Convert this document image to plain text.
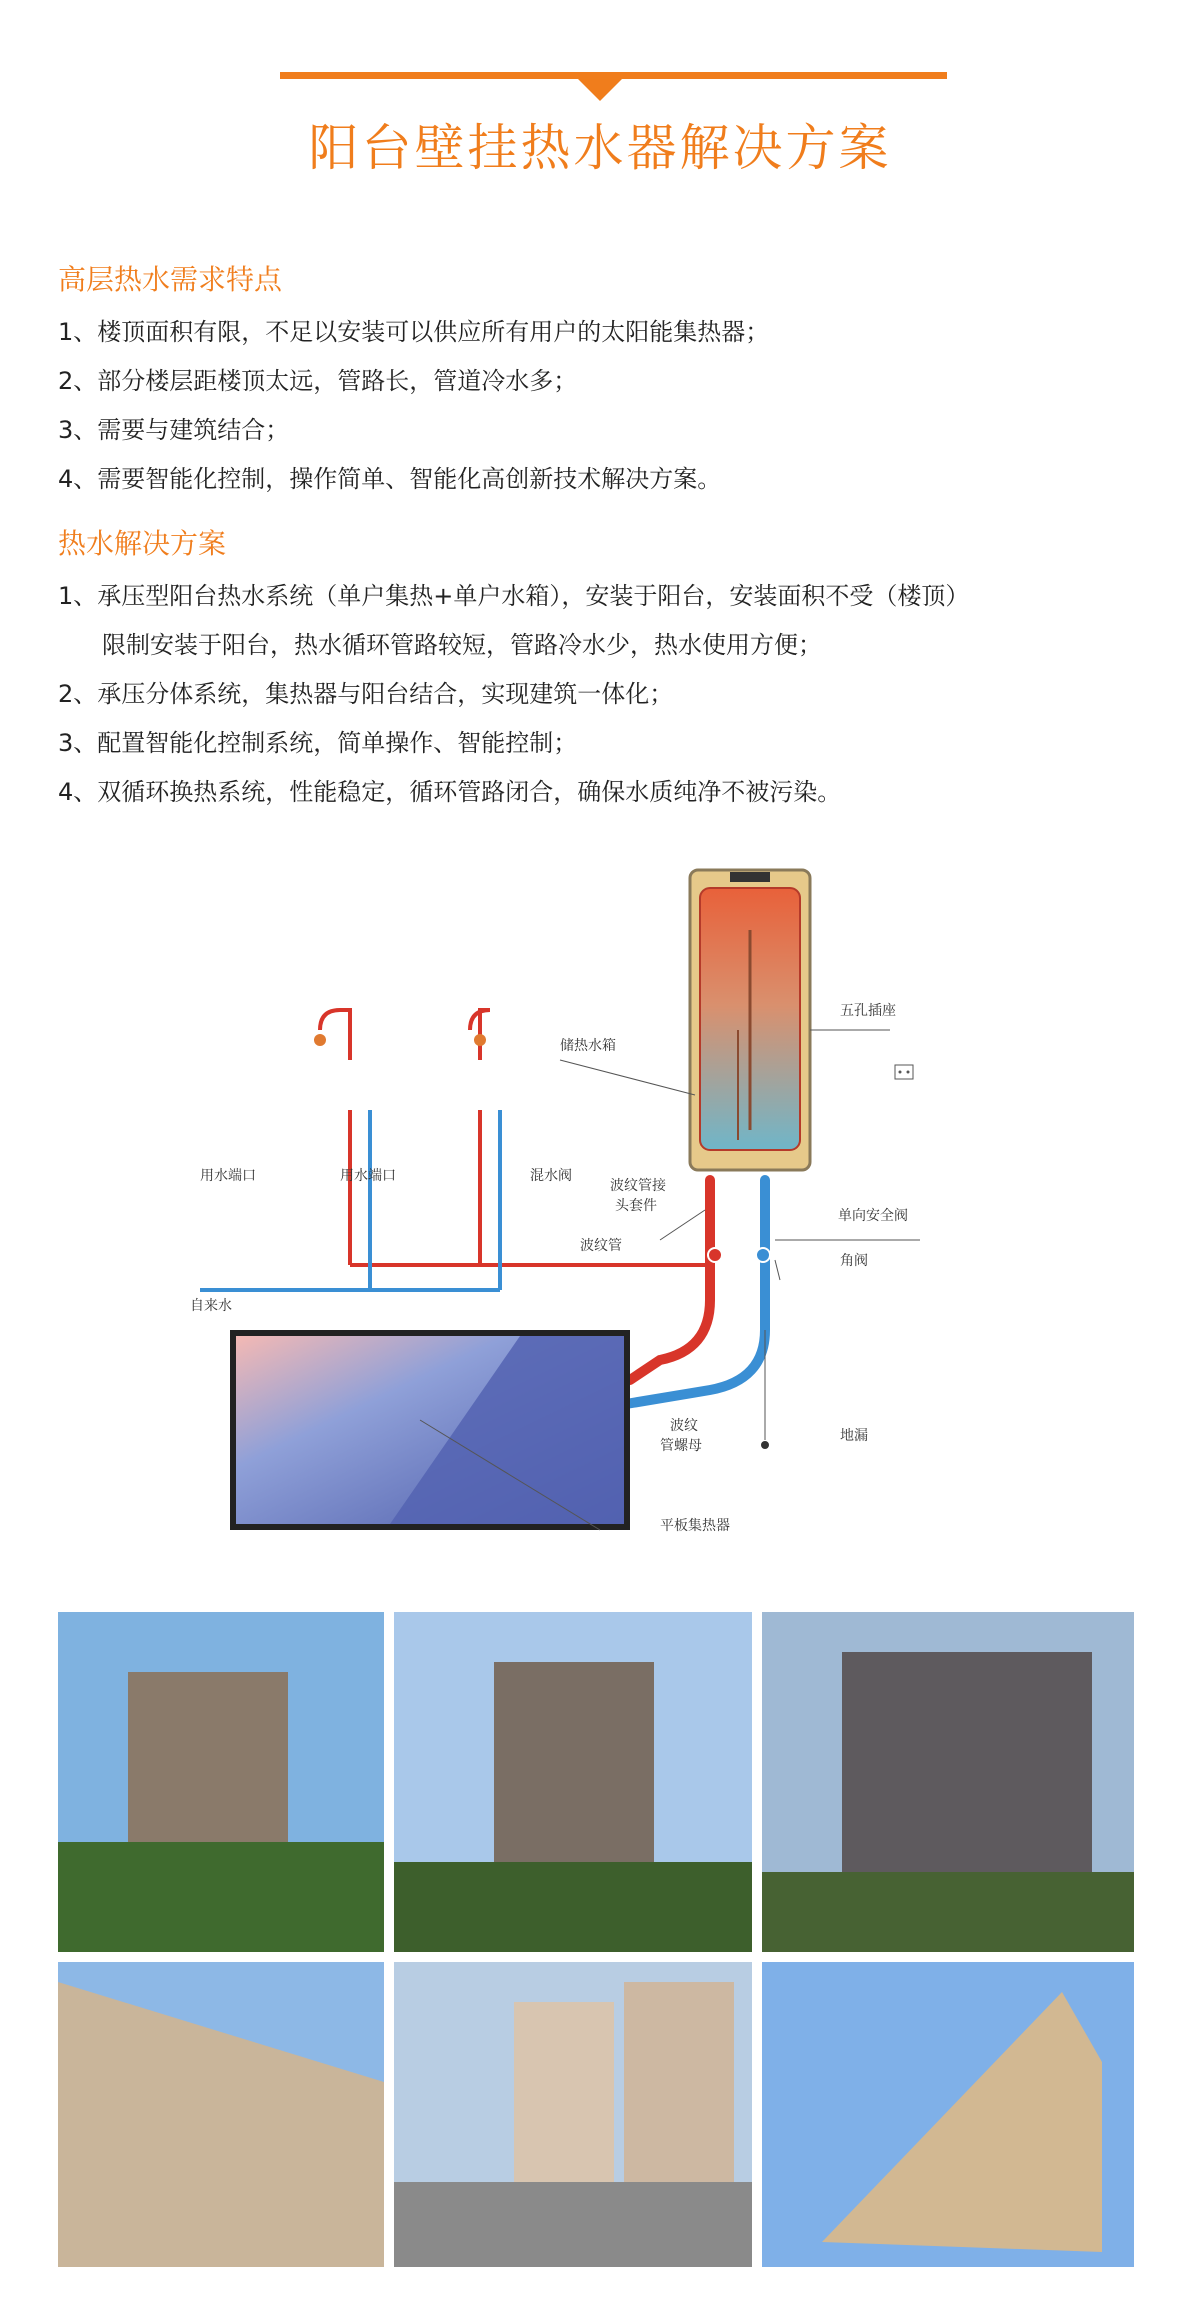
阳台壁挂热水器解决方案
高层热水需求特点
1、楼顶面积有限，不足以安装可以供应所有用户的太阳能集热器；
2、部分楼层距楼顶太远，管路长，管道冷水多；
3、需要与建筑结合；
4、需要智能化控制，操作简单、智能化高创新技术解决方案。
热水解决方案
1、承压型阳台热水系统（单户集热+单户水箱），安装于阳台，安装面积不受（楼顶）
限制安装于阳台，热水循环管路较短，管路冷水少，热水使用方便；
2、承压分体系统，集热器与阳台结合，实现建筑一体化；
3、配置智能化控制系统，简单操作、智能控制；
4、双循环换热系统，性能稳定，循环管路闭合，确保水质纯净不被污染。
储热水箱
五孔插座
用水端口	用水端口	混水阀
波纹管接
头套件
单向安全阀
波纹管
角阀
自来水
波纹
管螺母
地漏
平板集热器
